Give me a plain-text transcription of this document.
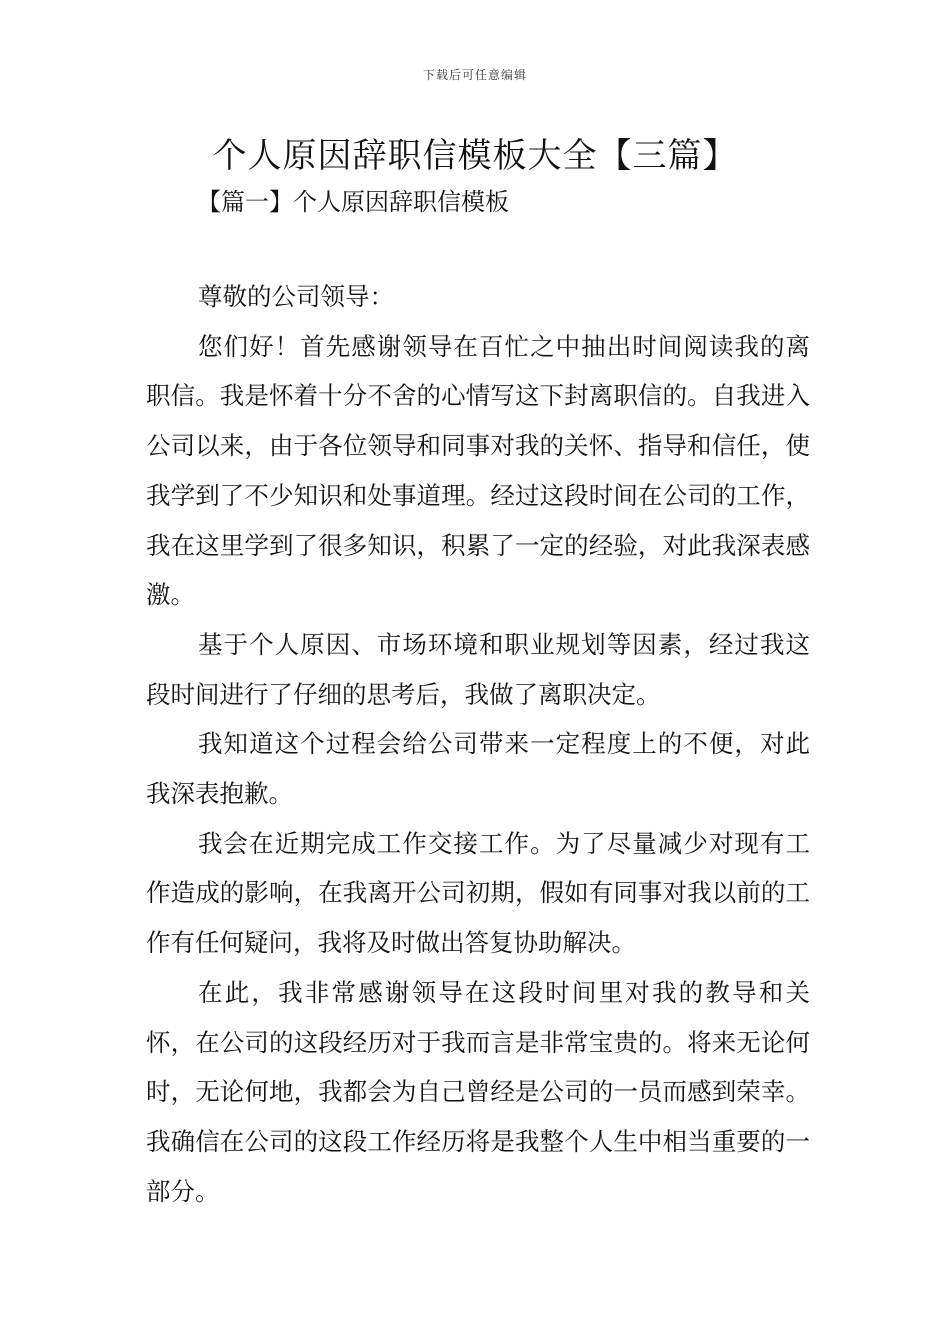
下载后可任意编辑
个人原因辞职信模板大全【三篇】
【篇一】个人原因辞职信模板

尊敬的公司领导：

您们好！首先感谢领导在百忙之中抽出时间阅读我的离职信。我是怀着十分不舍的心情写这下封离职信的。自我进入公司以来，由于各位领导和同事对我的关怀、指导和信任，使我学到了不少知识和处事道理。经过这段时间在公司的工作，我在这里学到了很多知识，积累了一定的经验，对此我深表感激。

基于个人原因、市场环境和职业规划等因素，经过我这段时间进行了仔细的思考后，我做了离职决定。

我知道这个过程会给公司带来一定程度上的不便，对此我深表抱歉。

我会在近期完成工作交接工作。为了尽量减少对现有工作造成的影响，在我离开公司初期，假如有同事对我以前的工作有任何疑问，我将及时做出答复协助解决。

在此，我非常感谢领导在这段时间里对我的教导和关怀，在公司的这段经历对于我而言是非常宝贵的。将来无论何时，无论何地，我都会为自己曾经是公司的一员而感到荣幸。我确信在公司的这段工作经历将是我整个人生中相当重要的一部分。
